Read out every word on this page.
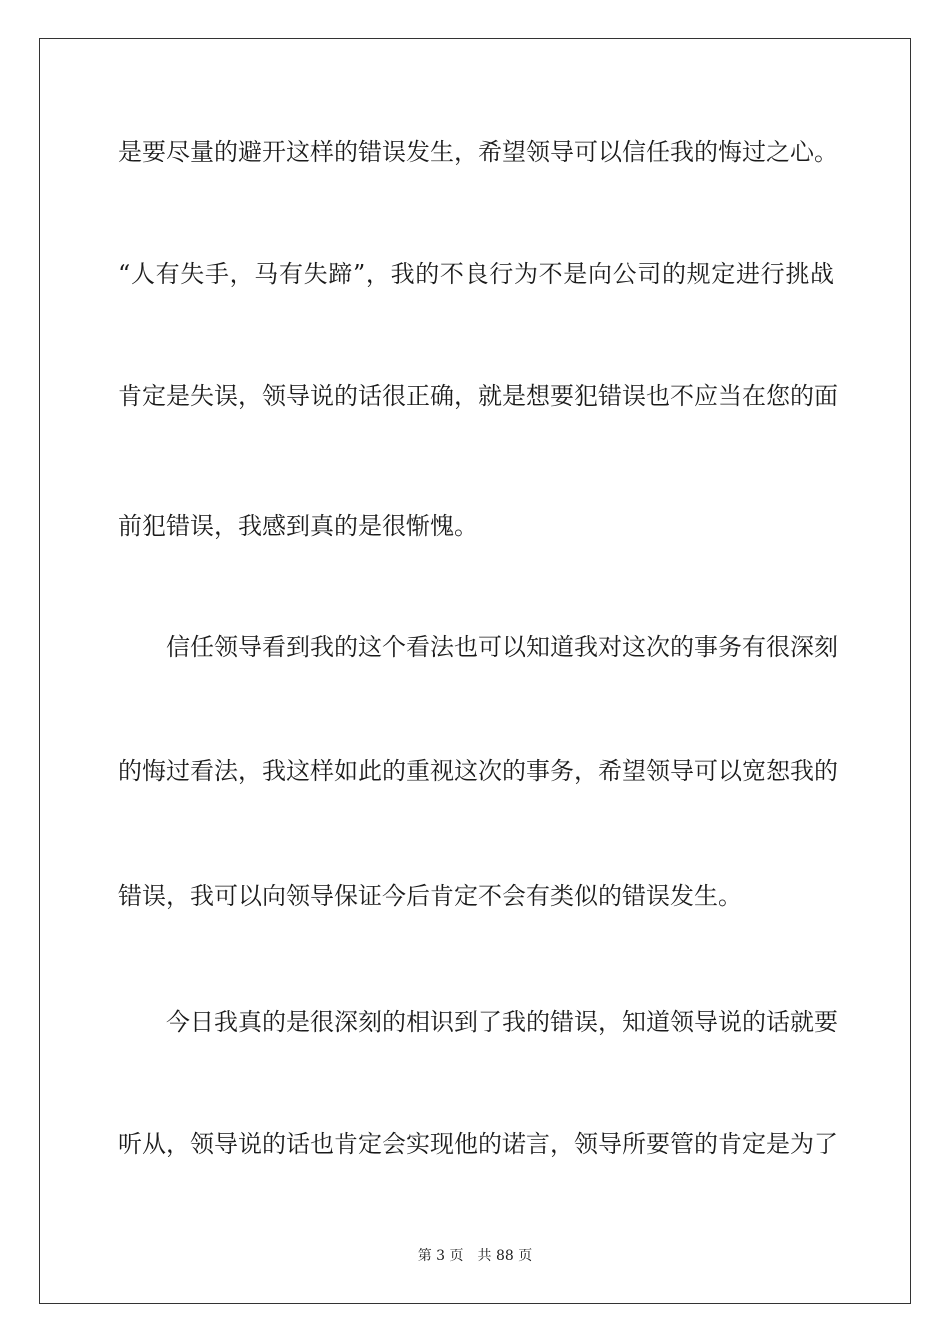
是要尽量的避开这样的错误发生，希望领导可以信任我的悔过之心。
“人有失手，马有失蹄”，我的不良行为不是向公司的规定进行挑战
肯定是失误，领导说的话很正确，就是想要犯错误也不应当在您的面
前犯错误，我感到真的是很惭愧。
信任领导看到我的这个看法也可以知道我对这次的事务有很深刻
的悔过看法，我这样如此的重视这次的事务，希望领导可以宽恕我的
错误，我可以向领导保证今后肯定不会有类似的错误发生。
今日我真的是很深刻的相识到了我的错误，知道领导说的话就要
听从，领导说的话也肯定会实现他的诺言，领导所要管的肯定是为了
第 3 页 共 88 页
